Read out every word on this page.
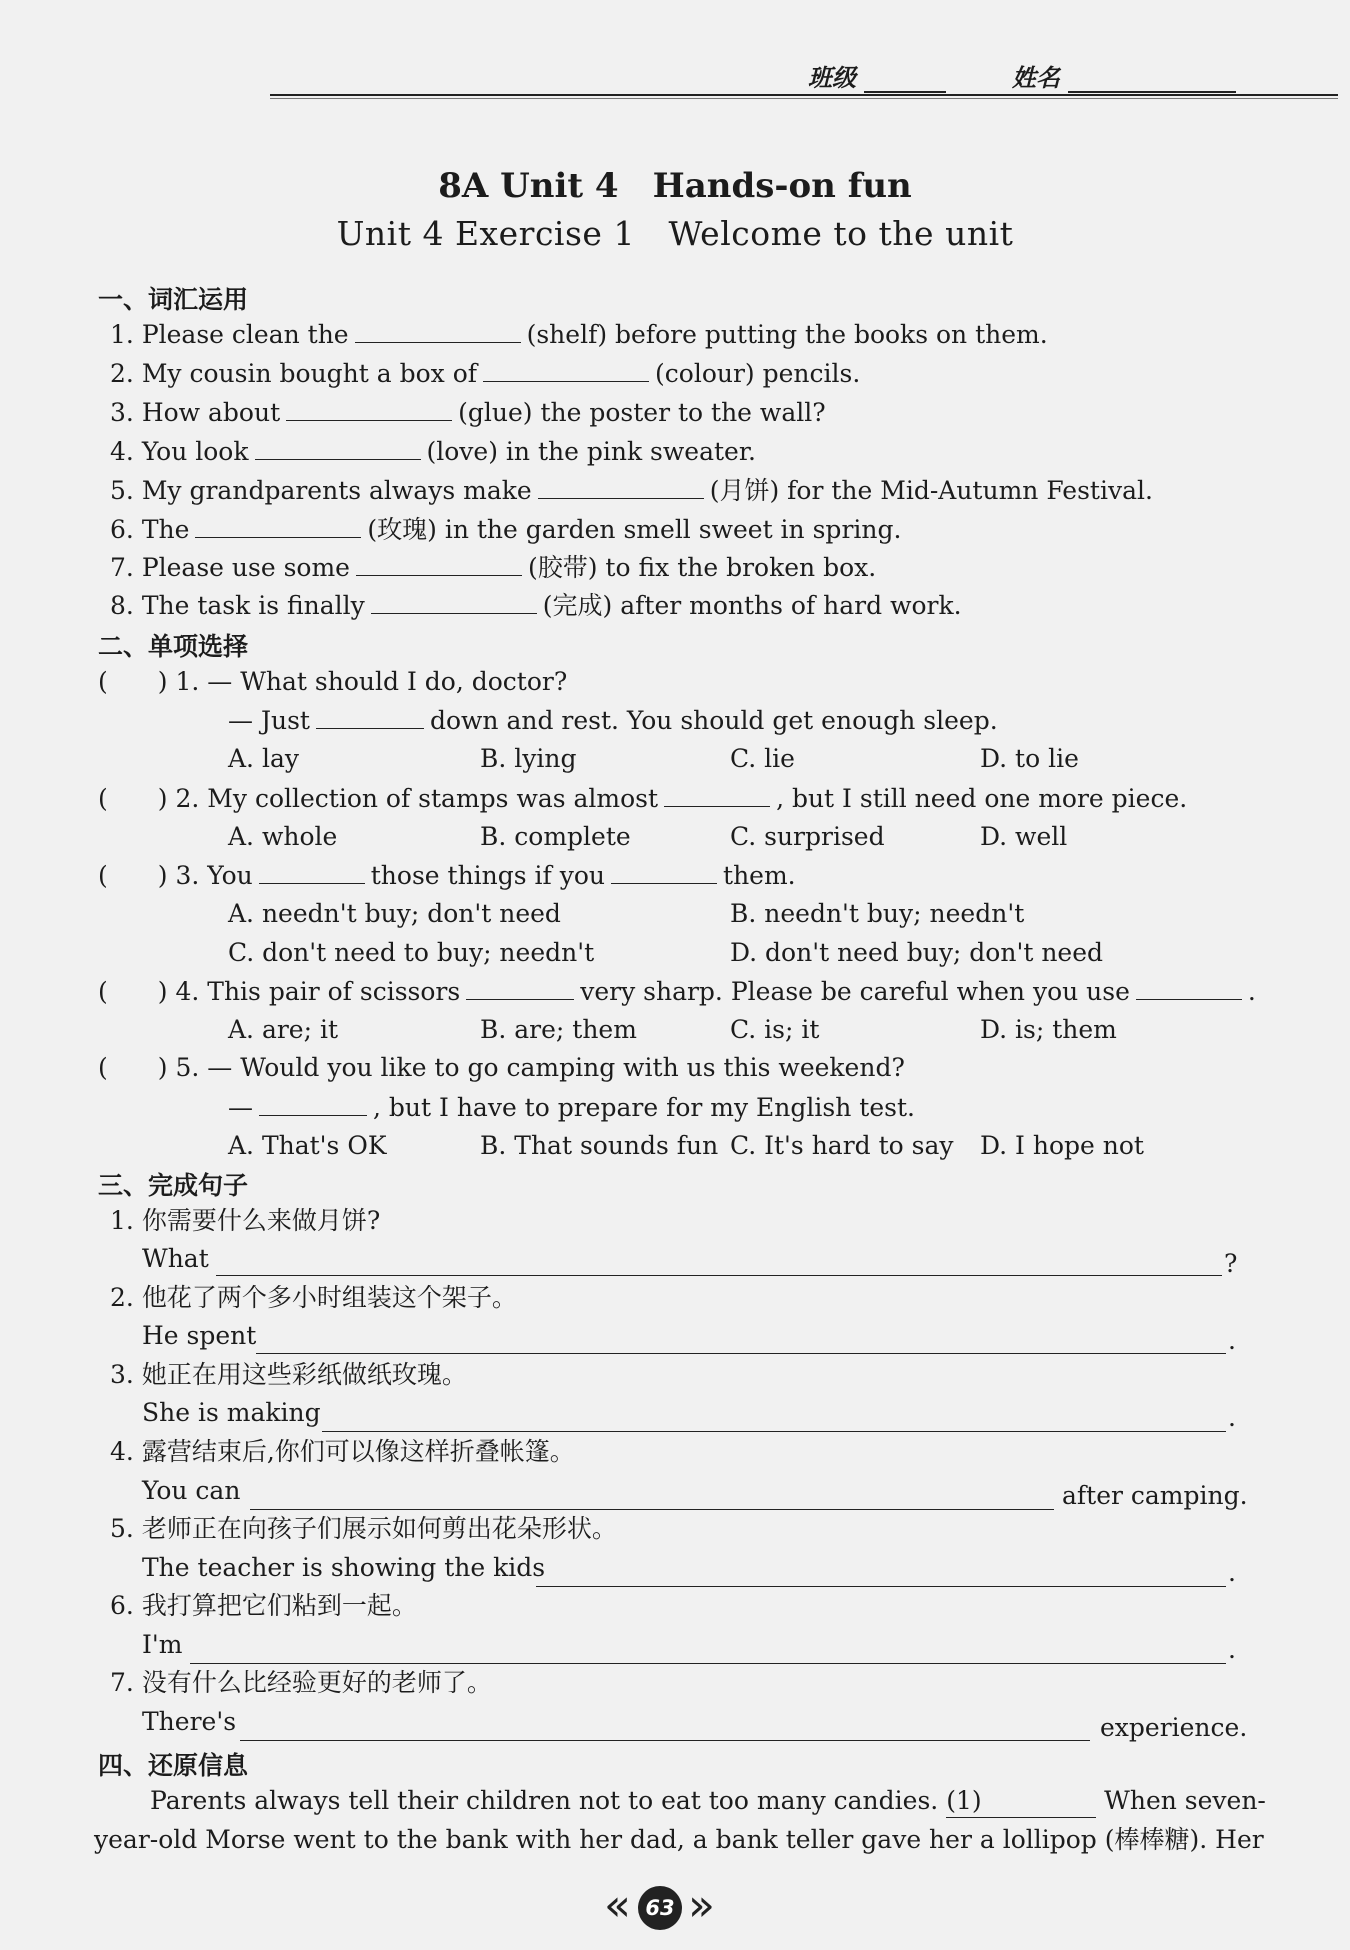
班级	姓名
8A Unit 4　Hands-on fun
Unit 4 Exercise 1　Welcome to the unit
一、词汇运用
1. Please clean the	(shelf) before putting the books on them.
2. My cousin bought a box of	(colour) pencils.
3. How about	(glue) the poster to the wall?
4. You look	(love) in the pink sweater.
5. My grandparents always make	(月饼) for the Mid-Autumn Festival.
6. The	(玫瑰) in the garden smell sweet in spring.
7. Please use some	(胶带) to fix the broken box.
8. The task is finally	(完成) after months of hard work.
二、单项选择
(　　) 1. — What should I do, doctor?
— Just	down and rest. You should get enough sleep.
A. lay	B. lying	C. lie	D. to lie
(　　) 2. My collection of stamps was almost	, but I still need one more piece.
A. whole	B. complete	C. surprised	D. well
(　　) 3. You	those things if you	them.
A. needn't buy; don't need	B. needn't buy; needn't
C. don't need to buy; needn't	D. don't need buy; don't need
(　　) 4. This pair of scissors	very sharp. Please be careful when you use	.
A. are; it	B. are; them	C. is; it	D. is; them
(　　) 5. — Would you like to go camping with us this weekend?
—	, but I have to prepare for my English test.
A. That's OK	B. That sounds fun C. It's hard to say D. I hope not
三、完成句子
1. 你需要什么来做月饼?
What	?
2. 他花了两个多小时组装这个架子。
He spent	.
3. 她正在用这些彩纸做纸玫瑰。
She is making	.
4. 露营结束后,你们可以像这样折叠帐篷。
You can	after camping.
5. 老师正在向孩子们展示如何剪出花朵形状。
The teacher is showing the kids	.
6. 我打算把它们粘到一起。
I'm	.
7. 没有什么比经验更好的老师了。
There's	experience.
四、还原信息
Parents always tell their children not to eat too many candies. (1)	When seven-
year-old Morse went to the bank with her dad, a bank teller gave her a lollipop (棒棒糖). Her
« 63 »
